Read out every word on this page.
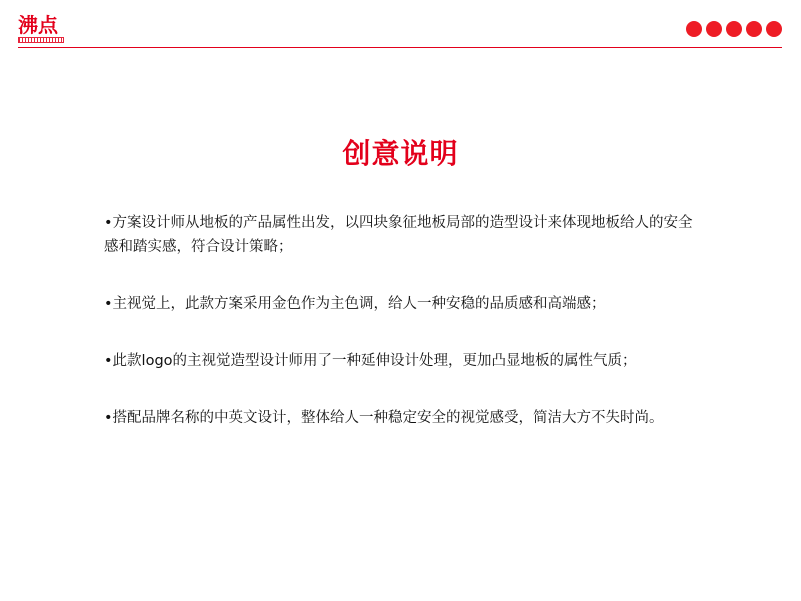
沸点
创意说明

•方案设计师从地板的产品属性出发，以四块象征地板局部的造型设计来体现地板给人的安全感和踏实感，符合设计策略；

•主视觉上，此款方案采用金色作为主色调，给人一种安稳的品质感和高端感；

•此款logo的主视觉造型设计师用了一种延伸设计处理，更加凸显地板的属性气质；

•搭配品牌名称的中英文设计，整体给人一种稳定安全的视觉感受，简洁大方不失时尚。
